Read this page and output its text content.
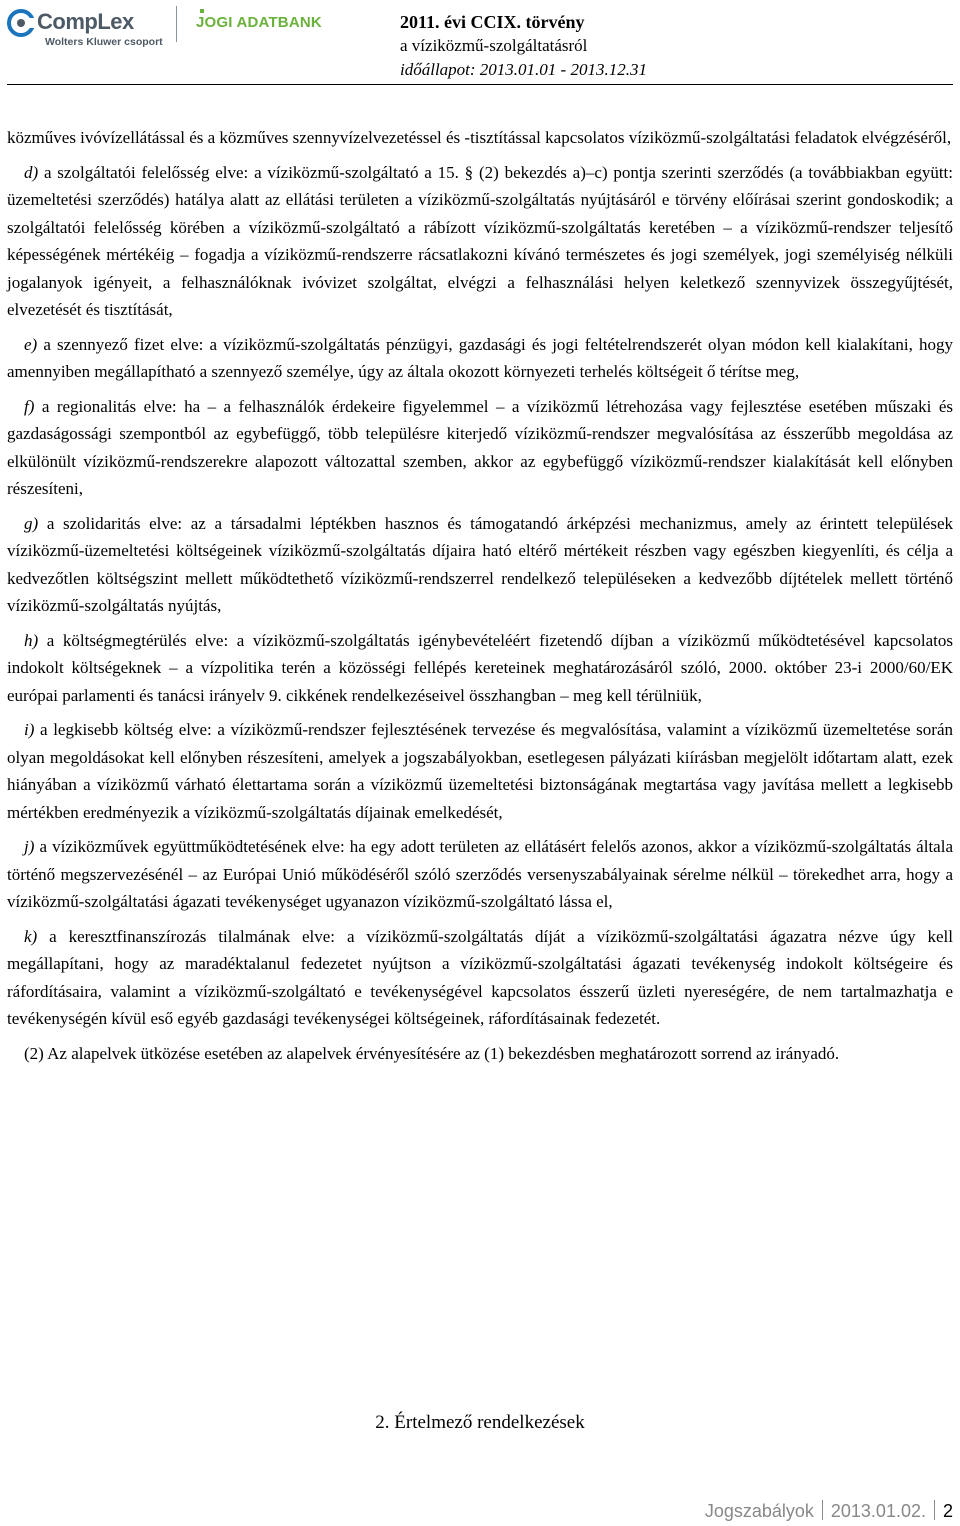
CompLex
Wolters Kluwer csoport
JOGI ADATBANK	2011. évi CCIX. törvény
a víziközmű-szolgáltatásról
időállapot: 2013.01.01 - 2013.12.31

közműves ivóvízellátással és a közműves szennyvízelvezetéssel és -tisztítással kapcsolatos víziközmű-szolgáltatási feladatok elvégzéséről,

d) a szolgáltatói felelősség elve: a víziközmű-szolgáltató a 15. § (2) bekezdés a)–c) pontja szerinti szerződés (a továbbiakban együtt: üzemeltetési szerződés) hatálya alatt az ellátási területen a víziközmű-szolgáltatás nyújtásáról e törvény előírásai szerint gondoskodik; a szolgáltatói felelősség körében a víziközmű-szolgáltató a rábízott víziközmű-szolgáltatás keretében – a víziközmű-rendszer teljesítő képességének mértékéig – fogadja a víziközmű-rendszerre rácsatlakozni kívánó természetes és jogi személyek, jogi személyiség nélküli jogalanyok igényeit, a felhasználóknak ivóvizet szolgáltat, elvégzi a felhasználási helyen keletkező szennyvizek összegyűjtését, elvezetését és tisztítását,

e) a szennyező fizet elve: a víziközmű-szolgáltatás pénzügyi, gazdasági és jogi feltételrendszerét olyan módon kell kialakítani, hogy amennyiben megállapítható a szennyező személye, úgy az általa okozott környezeti terhelés költségeit ő térítse meg,

f) a regionalitás elve: ha – a felhasználók érdekeire figyelemmel – a víziközmű létrehozása vagy fejlesztése esetében műszaki és gazdaságossági szempontból az egybefüggő, több településre kiterjedő víziközmű-rendszer megvalósítása az ésszerűbb megoldása az elkülönült víziközmű-rendszerekre alapozott változattal szemben, akkor az egybefüggő víziközmű-rendszer kialakítását kell előnyben részesíteni,

g) a szolidaritás elve: az a társadalmi léptékben hasznos és támogatandó árképzési mechanizmus, amely az érintett települések víziközmű-üzemeltetési költségeinek víziközmű-szolgáltatás díjaira ható eltérő mértékeit részben vagy egészben kiegyenlíti, és célja a kedvezőtlen költségszint mellett működtethető víziközmű-rendszerrel rendelkező településeken a kedvezőbb díjtételek mellett történő víziközmű-szolgáltatás nyújtás,

h) a költségmegtérülés elve: a víziközmű-szolgáltatás igénybevételéért fizetendő díjban a víziközmű működtetésével kapcsolatos indokolt költségeknek – a vízpolitika terén a közösségi fellépés kereteinek meghatározásáról szóló, 2000. október 23-i 2000/60/EK európai parlamenti és tanácsi irányelv 9. cikkének rendelkezéseivel összhangban – meg kell térülniük,

i) a legkisebb költség elve: a víziközmű-rendszer fejlesztésének tervezése és megvalósítása, valamint a víziközmű üzemeltetése során olyan megoldásokat kell előnyben részesíteni, amelyek a jogszabályokban, esetlegesen pályázati kiírásban megjelölt időtartam alatt, ezek hiányában a víziközmű várható élettartama során a víziközmű üzemeltetési biztonságának megtartása vagy javítása mellett a legkisebb mértékben eredményezik a víziközmű-szolgáltatás díjainak emelkedését,

j) a víziközművek együttműködtetésének elve: ha egy adott területen az ellátásért felelős azonos, akkor a víziközmű-szolgáltatás általa történő megszervezésénél – az Európai Unió működéséről szóló szerződés versenyszabályainak sérelme nélkül – törekedhet arra, hogy a víziközmű-szolgáltatási ágazati tevékenységet ugyanazon víziközmű-szolgáltató lássa el,

k) a keresztfinanszírozás tilalmának elve: a víziközmű-szolgáltatás díját a víziközmű-szolgáltatási ágazatra nézve úgy kell megállapítani, hogy az maradéktalanul fedezetet nyújtson a víziközmű-szolgáltatási ágazati tevékenység indokolt költségeire és ráfordításaira, valamint a víziközmű-szolgáltató e tevékenységével kapcsolatos ésszerű üzleti nyereségére, de nem tartalmazhatja e tevékenységén kívül eső egyéb gazdasági tevékenységei költségeinek, ráfordításainak fedezetét.

(2) Az alapelvek ütközése esetében az alapelvek érvényesítésére az (1) bekezdésben meghatározott sorrend az irányadó.

2. Értelmező rendelkezések
Jogszabályok 2013.01.02. 2
